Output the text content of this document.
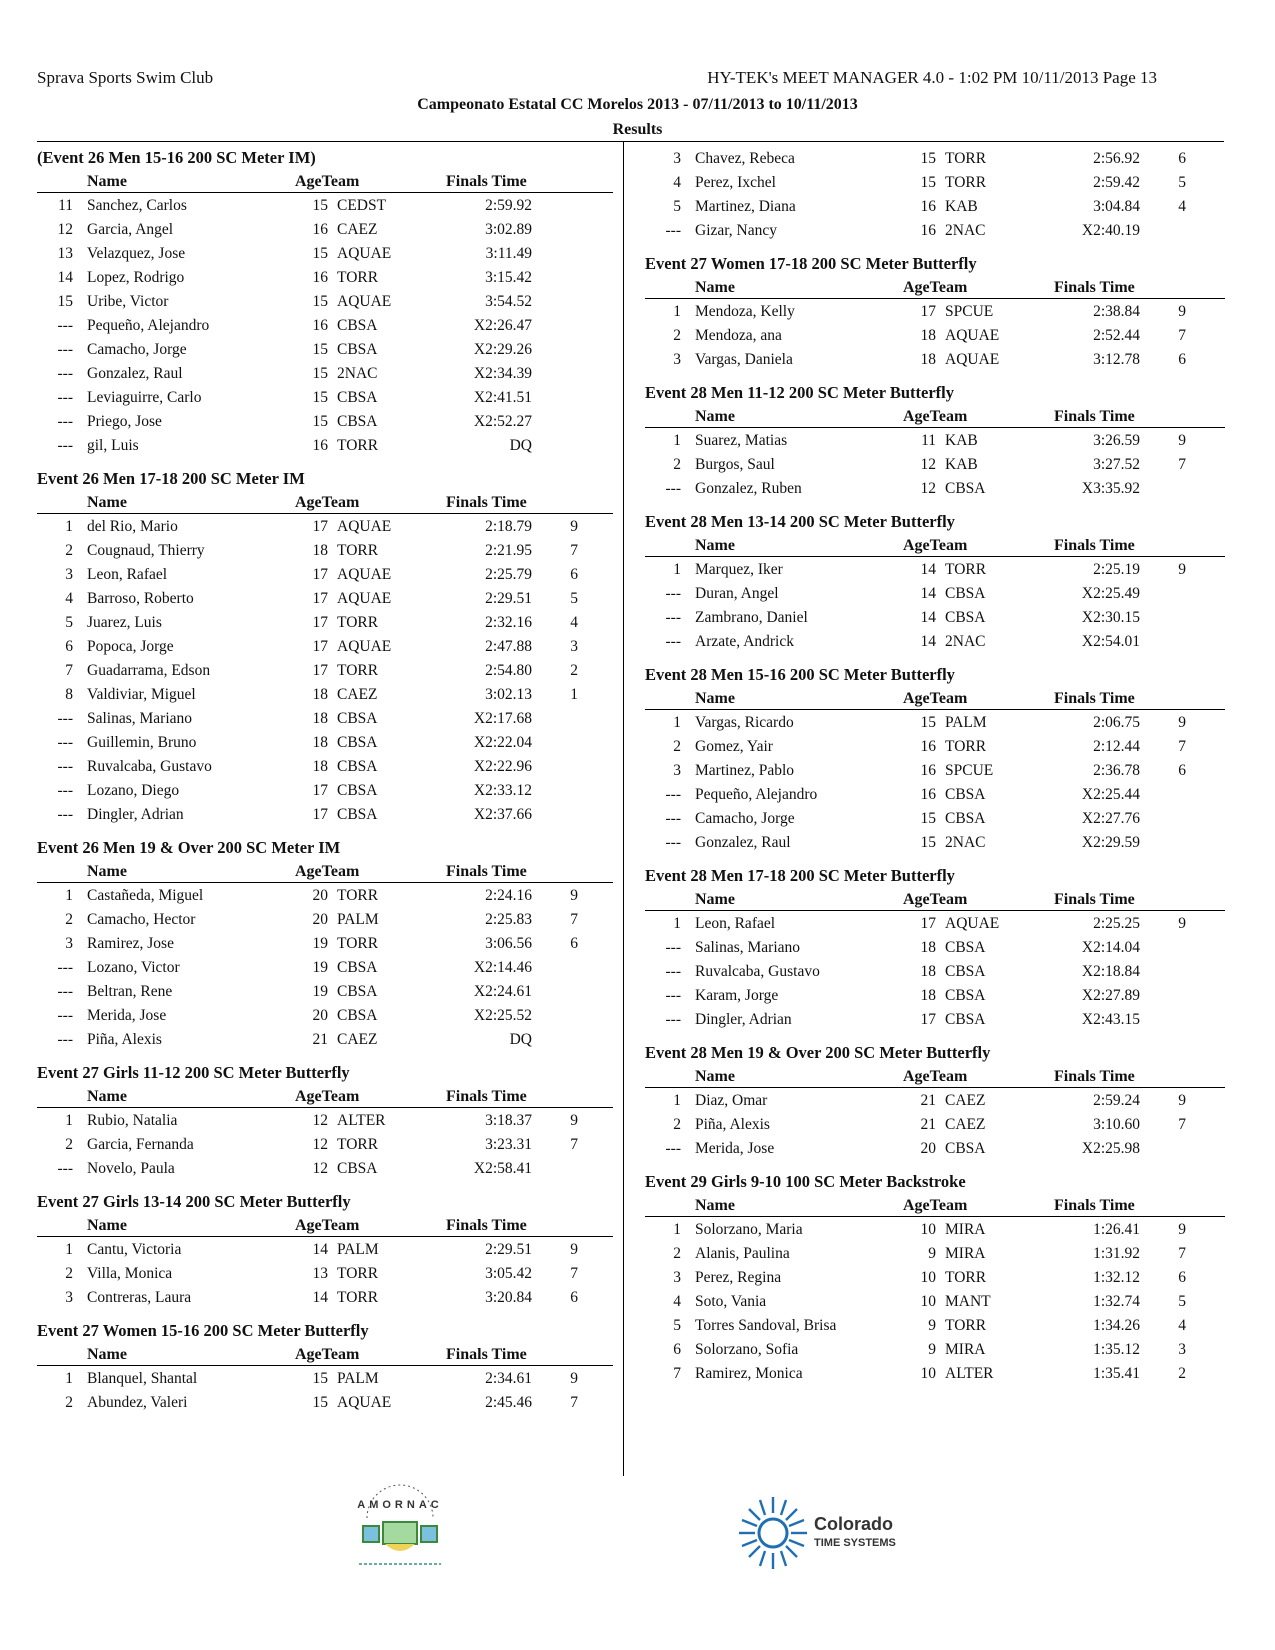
Sprava Sports Swim Club	HY-TEK's MEET MANAGER 4.0 - 1:02 PM 10/11/2013 Page 13
Campeonato Estatal CC Morelos 2013 - 07/11/2013 to 10/11/2013
Results
(Event 26 Men 15-16 200 SC Meter IM)
Name	AgeTeam	Finals Time
11 Sanchez, Carlos	15 CEDST	2:59.92
12 Garcia, Angel	16 CAEZ	3:02.89
13 Velazquez, Jose	15 AQUAE	3:11.49
14 Lopez, Rodrigo	16 TORR	3:15.42
15 Uribe, Victor	15 AQUAE	3:54.52
--- Pequeño, Alejandro	16 CBSA	X2:26.47
--- Camacho, Jorge	15 CBSA	X2:29.26
--- Gonzalez, Raul	15 2NAC	X2:34.39
--- Leviaguirre, Carlo	15 CBSA	X2:41.51
--- Priego, Jose	15 CBSA	X2:52.27
--- gil, Luis	16 TORR	DQ
Event 26 Men 17-18 200 SC Meter IM
Name	AgeTeam	Finals Time
1 del Rio, Mario	17 AQUAE	2:18.79	9
2 Cougnaud, Thierry	18 TORR	2:21.95	7
3 Leon, Rafael	17 AQUAE	2:25.79	6
4 Barroso, Roberto	17 AQUAE	2:29.51	5
5 Juarez, Luis	17 TORR	2:32.16	4
6 Popoca, Jorge	17 AQUAE	2:47.88	3
7 Guadarrama, Edson	17 TORR	2:54.80	2
8 Valdiviar, Miguel	18 CAEZ	3:02.13	1
--- Salinas, Mariano	18 CBSA	X2:17.68
--- Guillemin, Bruno	18 CBSA	X2:22.04
--- Ruvalcaba, Gustavo	18 CBSA	X2:22.96
--- Lozano, Diego	17 CBSA	X2:33.12
--- Dingler, Adrian	17 CBSA	X2:37.66
Event 26 Men 19 & Over 200 SC Meter IM
Name	AgeTeam	Finals Time
1 Castañeda, Miguel	20 TORR	2:24.16	9
2 Camacho, Hector	20 PALM	2:25.83	7
3 Ramirez, Jose	19 TORR	3:06.56	6
--- Lozano, Victor	19 CBSA	X2:14.46
--- Beltran, Rene	19 CBSA	X2:24.61
--- Merida, Jose	20 CBSA	X2:25.52
--- Piña, Alexis	21 CAEZ	DQ
Event 27 Girls 11-12 200 SC Meter Butterfly
Name	AgeTeam	Finals Time
1 Rubio, Natalia	12 ALTER	3:18.37	9
2 Garcia, Fernanda	12 TORR	3:23.31	7
--- Novelo, Paula	12 CBSA	X2:58.41
Event 27 Girls 13-14 200 SC Meter Butterfly
Name	AgeTeam	Finals Time
1 Cantu, Victoria	14 PALM	2:29.51	9
2 Villa, Monica	13 TORR	3:05.42	7
3 Contreras, Laura	14 TORR	3:20.84	6
Event 27 Women 15-16 200 SC Meter Butterfly
Name	AgeTeam	Finals Time
1 Blanquel, Shantal	15 PALM	2:34.61	9
2 Abundez, Valeri	15 AQUAE	2:45.46	7
3 Chavez, Rebeca	15 TORR	2:56.92	6
4 Perez, Ixchel	15 TORR	2:59.42	5
5 Martinez, Diana	16 KAB	3:04.84	4
--- Gizar, Nancy	16 2NAC	X2:40.19
Event 27 Women 17-18 200 SC Meter Butterfly
Name	AgeTeam	Finals Time
1 Mendoza, Kelly	17 SPCUE	2:38.84	9
2 Mendoza, ana	18 AQUAE	2:52.44	7
3 Vargas, Daniela	18 AQUAE	3:12.78	6
Event 28 Men 11-12 200 SC Meter Butterfly
Name	AgeTeam	Finals Time
1 Suarez, Matias	11 KAB	3:26.59	9
2 Burgos, Saul	12 KAB	3:27.52	7
--- Gonzalez, Ruben	12 CBSA	X3:35.92
Event 28 Men 13-14 200 SC Meter Butterfly
Name	AgeTeam	Finals Time
1 Marquez, Iker	14 TORR	2:25.19	9
--- Duran, Angel	14 CBSA	X2:25.49
--- Zambrano, Daniel	14 CBSA	X2:30.15
--- Arzate, Andrick	14 2NAC	X2:54.01
Event 28 Men 15-16 200 SC Meter Butterfly
Name	AgeTeam	Finals Time
1 Vargas, Ricardo	15 PALM	2:06.75	9
2 Gomez, Yair	16 TORR	2:12.44	7
3 Martinez, Pablo	16 SPCUE	2:36.78	6
--- Pequeño, Alejandro	16 CBSA	X2:25.44
--- Camacho, Jorge	15 CBSA	X2:27.76
--- Gonzalez, Raul	15 2NAC	X2:29.59
Event 28 Men 17-18 200 SC Meter Butterfly
Name	AgeTeam	Finals Time
1 Leon, Rafael	17 AQUAE	2:25.25	9
--- Salinas, Mariano	18 CBSA	X2:14.04
--- Ruvalcaba, Gustavo	18 CBSA	X2:18.84
--- Karam, Jorge	18 CBSA	X2:27.89
--- Dingler, Adrian	17 CBSA	X2:43.15
Event 28 Men 19 & Over 200 SC Meter Butterfly
Name	AgeTeam	Finals Time
1 Diaz, Omar	21 CAEZ	2:59.24	9
2 Piña, Alexis	21 CAEZ	3:10.60	7
--- Merida, Jose	20 CBSA	X2:25.98
Event 29 Girls 9-10 100 SC Meter Backstroke
Name	AgeTeam	Finals Time
1 Solorzano, Maria	10 MIRA	1:26.41	9
2 Alanis, Paulina	9 MIRA	1:31.92	7
3 Perez, Regina	10 TORR	1:32.12	6
4 Soto, Vania	10 MANT	1:32.74	5
5 Torres Sandoval, Brisa	9 TORR	1:34.26	4
6 Solorzano, Sofia	9 MIRA	1:35.12	3
7 Ramirez, Monica	10 ALTER	1:35.41	2
AMORNAC
Colorado
TIME SYSTEMS
